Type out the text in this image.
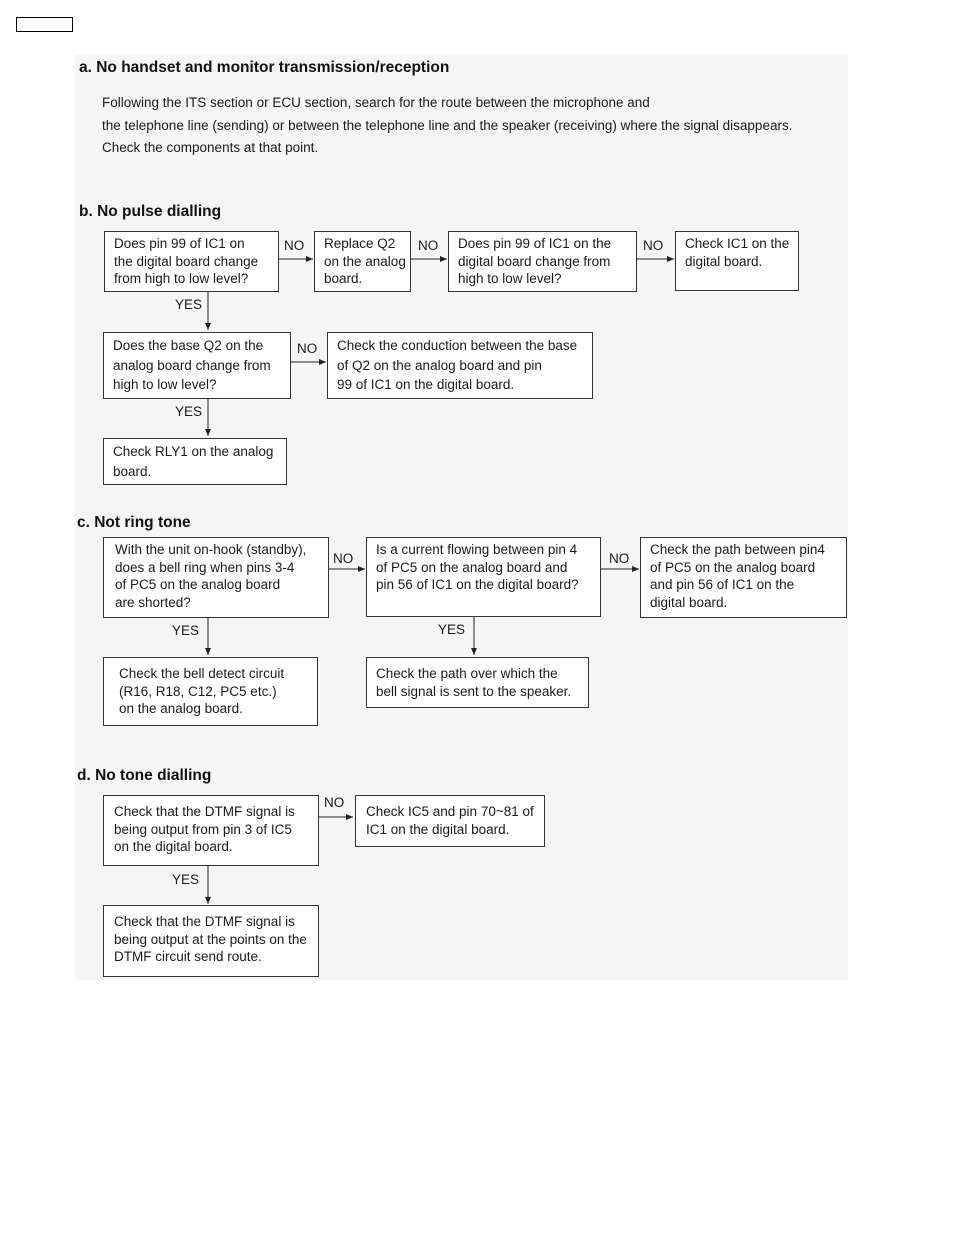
a. No handset and monitor transmission/reception
Following the ITS section or ECU section, search for the route between the microphone and
the telephone line (sending) or between the telephone line and the speaker (receiving) where the signal disappears.
Check the components at that point.
b. No pulse dialling
Does pin 99 of IC1 on
the digital board change
from high to low level?
Replace Q2
on the analog
board.
Does pin 99 of IC1 on the
digital board change from
high to low level?
Check IC1 on the
digital board.
Does the base Q2 on the
analog board change from
high to low level?
Check the conduction between the base
of Q2 on the analog board and pin
99 of IC1 on the digital board.
Check RLY1 on the analog
board.
NO	NO	NO
YES
NO
YES
c. Not ring tone
With the unit on-hook (standby),
does a bell ring when pins 3-4
of PC5 on the analog board
are shorted?
Is a current flowing between pin 4
of PC5 on the analog board and
pin 56 of IC1 on the digital board?
Check the path between pin4
of PC5 on the analog board
and pin 56 of IC1 on the
digital board.
Check the bell detect circuit
(R16, R18, C12, PC5 etc.)
on the analog board.
Check the path over which the
bell signal is sent to the speaker.
NO	NO
YES	YES
d. No tone dialling
Check that the DTMF signal is
being output from pin 3 of IC5
on the digital board.
Check IC5 and pin 70~81 of
IC1 on the digital board.
Check that the DTMF signal is
being output at the points on the
DTMF circuit send route.
NO
YES
